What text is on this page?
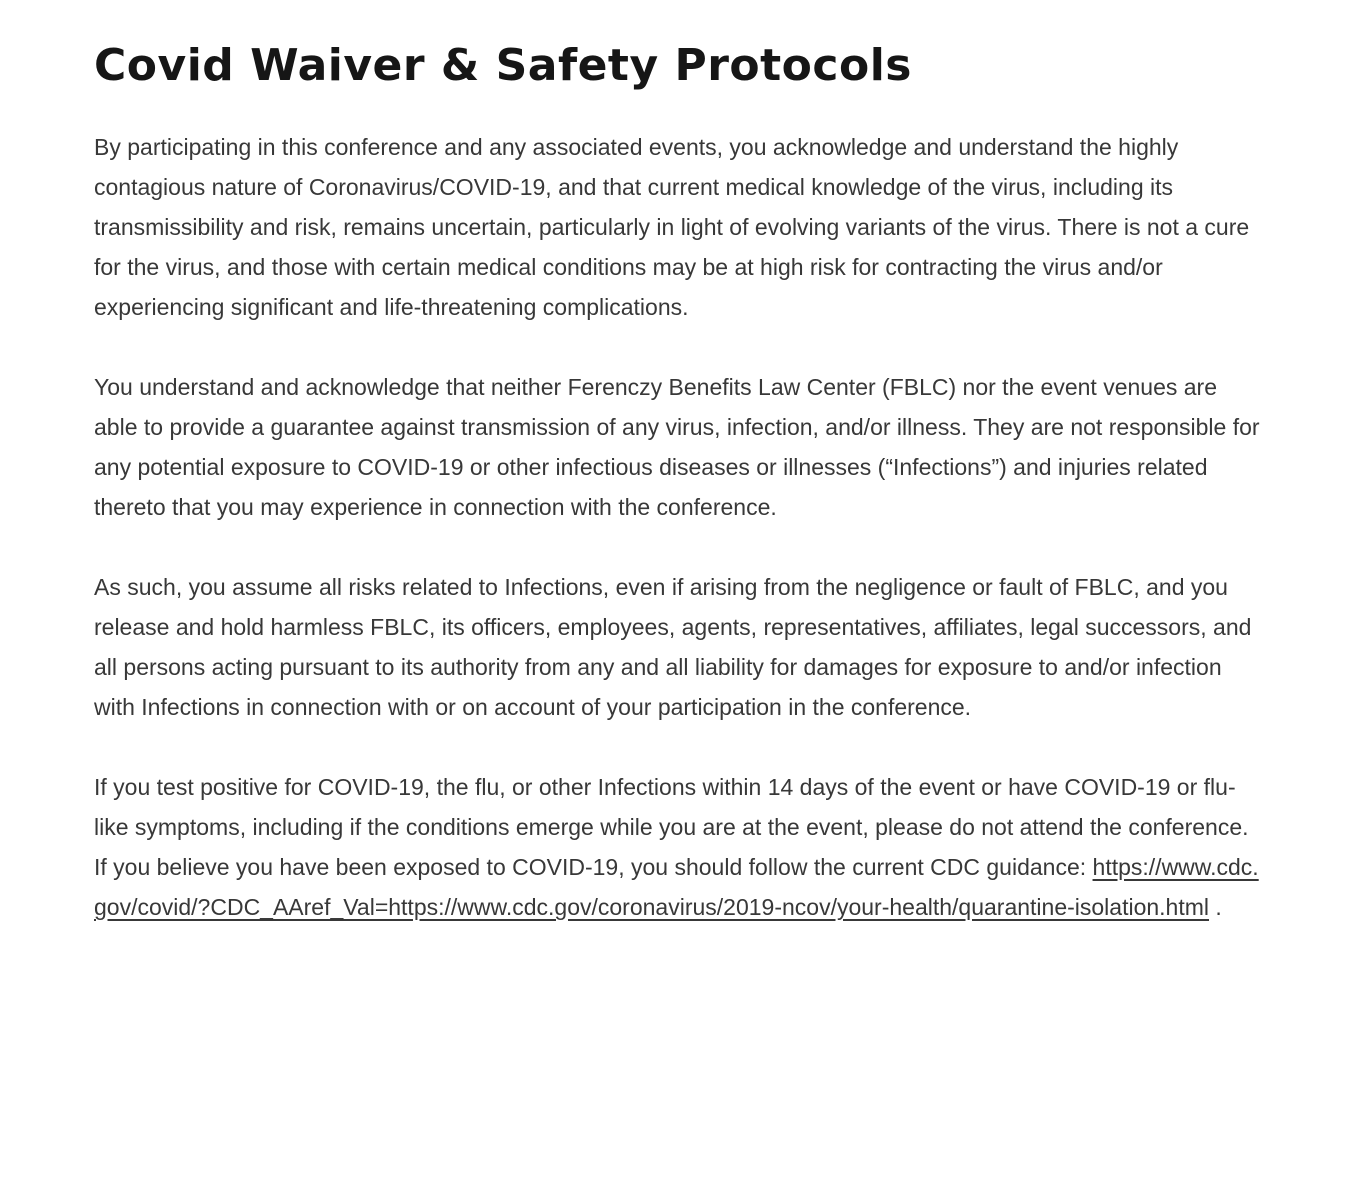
Covid Waiver & Safety Protocols

By participating in this conference and any associated events, you acknowledge and understand the highly contagious nature of Coronavirus/COVID-19, and that current medical knowledge of the virus, including its transmissibility and risk, remains uncertain, particularly in light of evolving variants of the virus. There is not a cure for the virus, and those with certain medical conditions may be at high risk for contracting the virus and/or experiencing significant and life-threatening complications.

You understand and acknowledge that neither Ferenczy Benefits Law Center (FBLC) nor the event venues are able to provide a guarantee against transmission of any virus, infection, and/or illness. They are not responsible for any potential exposure to COVID-19 or other infectious diseases or illnesses (“Infections”) and injuries related thereto that you may experience in connection with the conference.

As such, you assume all risks related to Infections, even if arising from the negligence or fault of FBLC, and you release and hold harmless FBLC, its officers, employees, agents, representatives, affiliates, legal successors, and all persons acting pursuant to its authority from any and all liability for damages for exposure to and/or infection with Infections in connection with or on account of your participation in the conference.

If you test positive for COVID-19, the flu, or other Infections within 14 days of the event or have COVID-19 or flu-like symptoms, including if the conditions emerge while you are at the event, please do not attend the conference. If you believe you have been exposed to COVID-19, you should follow the current CDC guidance: https://www.cdc.gov/covid/?CDC_AAref_Val=https://www.cdc.gov/coronavirus/2019-ncov/your-health/quarantine-isolation.html .
